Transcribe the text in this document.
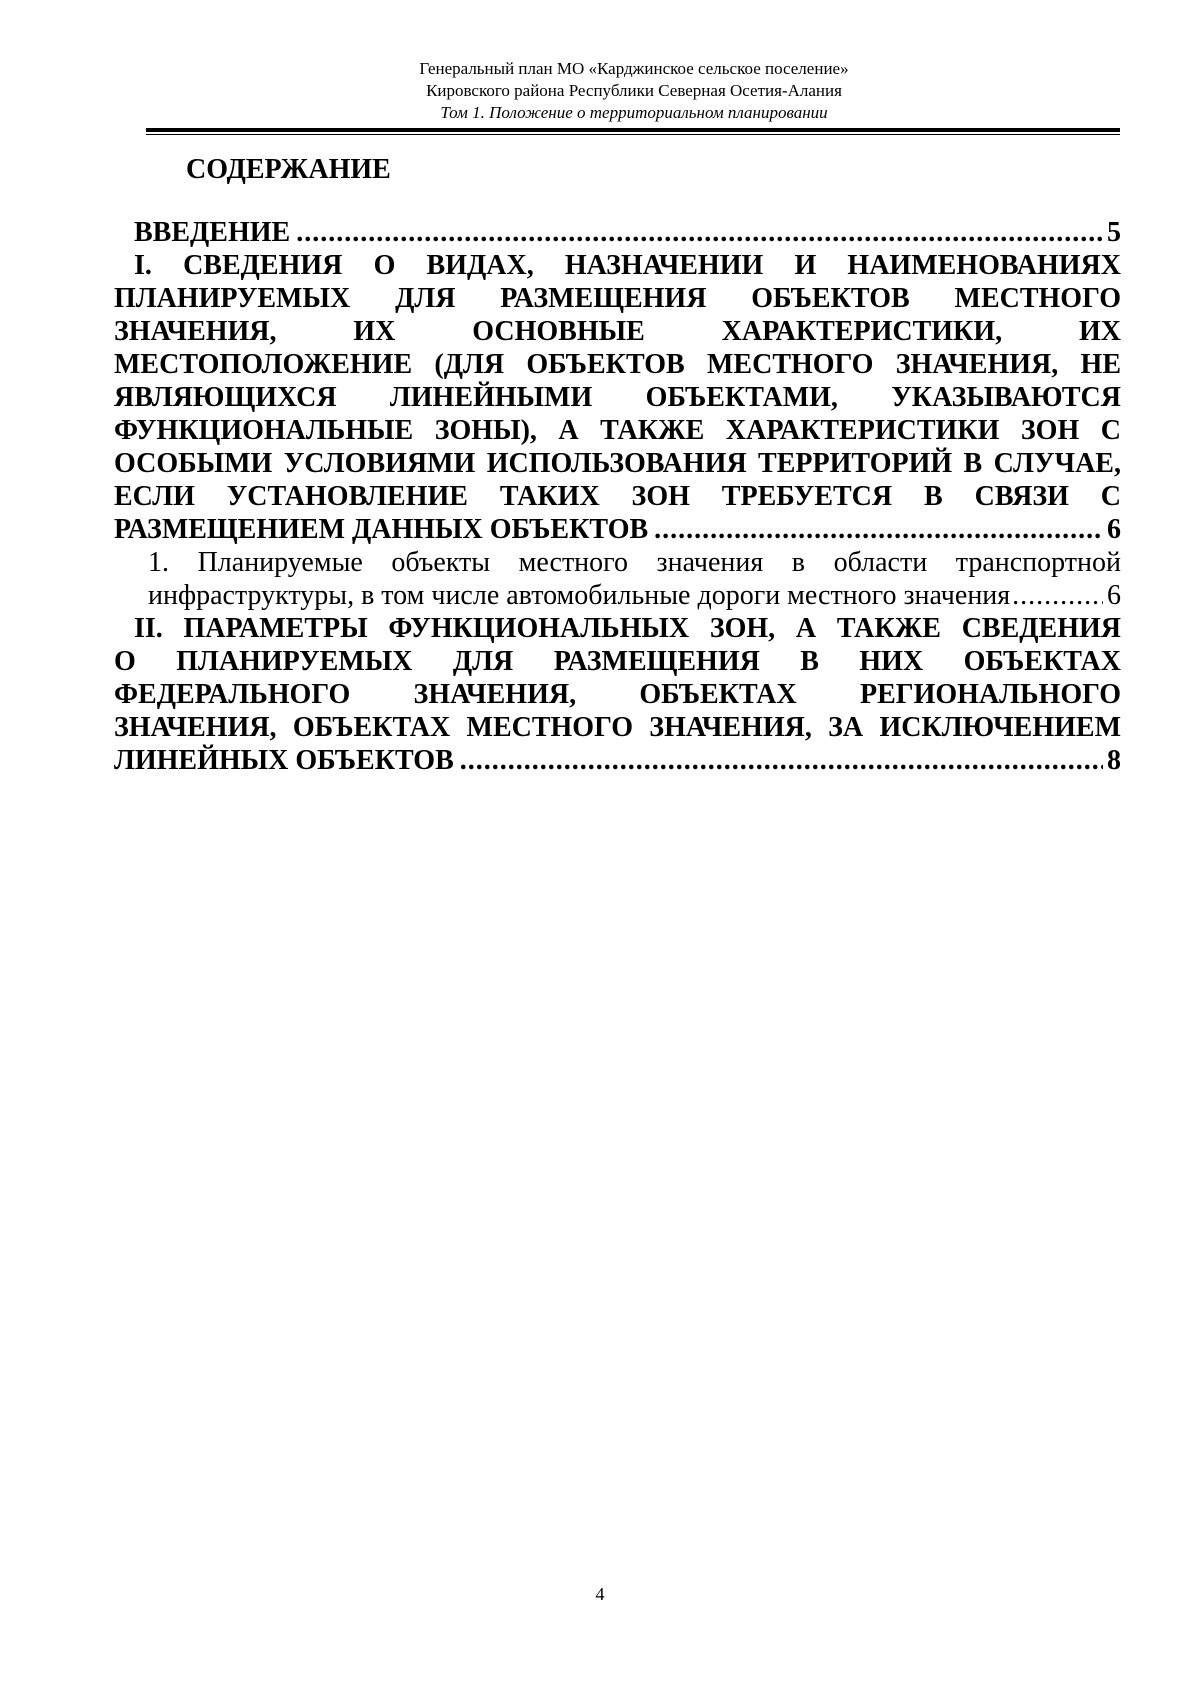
Генеральный план МО «Карджинское сельское поселение»
Кировского района Республики Северная Осетия-Алания
Том 1. Положение о территориальном планировании
СОДЕРЖАНИЕ
ВВЕДЕНИЕ . . .	5
I. СВЕДЕНИЯ О ВИДАХ, НАЗНАЧЕНИИ И НАИМЕНОВАНИЯХ
ПЛАНИРУЕМЫХ ДЛЯ РАЗМЕЩЕНИЯ ОБЪЕКТОВ МЕСТНОГО
ЗНАЧЕНИЯ, ИХ ОСНОВНЫЕ ХАРАКТЕРИСТИКИ, ИХ
МЕСТОПОЛОЖЕНИЕ (ДЛЯ ОБЪЕКТОВ МЕСТНОГО ЗНАЧЕНИЯ, НЕ
ЯВЛЯЮЩИХСЯ ЛИНЕЙНЫМИ ОБЪЕКТАМИ, УКАЗЫВАЮТСЯ
ФУНКЦИОНАЛЬНЫЕ ЗОНЫ), А ТАКЖЕ ХАРАКТЕРИСТИКИ ЗОН С
ОСОБЫМИ УСЛОВИЯМИ ИСПОЛЬЗОВАНИЯ ТЕРРИТОРИЙ В СЛУЧАЕ,
ЕСЛИ УСТАНОВЛЕНИЕ ТАКИХ ЗОН ТРЕБУЕТСЯ В СВЯЗИ С
РАЗМЕЩЕНИЕМ ДАННЫХ ОБЪЕКТОВ . . .	6
1. Планируемые объекты местного значения в области транспортной
инфраструктуры, в том числе автомобильные дороги местного значения . . .	6
II. ПАРАМЕТРЫ ФУНКЦИОНАЛЬНЫХ ЗОН, А ТАКЖЕ СВЕДЕНИЯ
О ПЛАНИРУЕМЫХ ДЛЯ РАЗМЕЩЕНИЯ В НИХ ОБЪЕКТАХ
ФЕДЕРАЛЬНОГО ЗНАЧЕНИЯ, ОБЪЕКТАХ РЕГИОНАЛЬНОГО
ЗНАЧЕНИЯ, ОБЪЕКТАХ МЕСТНОГО ЗНАЧЕНИЯ, ЗА ИСКЛЮЧЕНИЕМ
ЛИНЕЙНЫХ ОБЪЕКТОВ . . .	8
4
